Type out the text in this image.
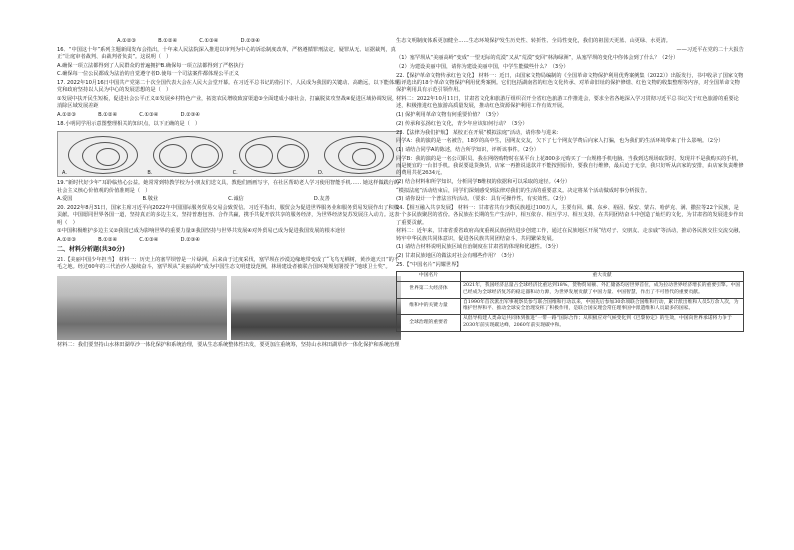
A.①②③	B.①②④	C.①③④	D.②③④
16．“中国这十年”系列主题新闻发布会指出，十年来人民法院深入推进以审判为中心的诉讼制度改革，严格遵循罪刑法定、疑罪从无、证据裁判，真正“让庭审者裁判、由裁判者负责”。这说明（　）
A.确保一项立法都得到了人民群众的普遍拥护B.确保每一项立法都得到了严格执行
C.确保每一位公民都成为法治的自觉遵守者D.使每一个司法案件都体现公平正义
17. 2022年10月16日中国共产党第二十次全国代表大会在人民大会堂开幕。在习近平总书记的指引下，人民成为我国的关键动、高瞻远，以下能体现党和政府坚持以人民为中心的发展思想的是（　）
①发展中扶开民生短板，促进社会公平正义②发展乡村特色产业，拓宽农民增收致富渠道③全面建成小康社会，打赢脱贫攻坚战④促进区域协调发展，消除区域发展差距
A.①②③	B.①②④	C.①③④	D.②③④
18.小明同学用示意图整理相关的知识点，以下正确的是（　）
A.	B.	C.	D.
19.“新时代好少年”耳聆临热心公益。她常常到特教学校为小朋友们送文具，教他们画画写字，在社区帮助老人学习使用智能手机…… 她这样做践行的社会主义核心价值观的价值准则是（　）
A.爱国	B.敬业	C.诚信	D.友善
20. 2022年8月31日，国家主席习近平向2022年中国国际服务贸易交易会致贺信。习近平指出，服贸会为促进世界服务业和服务贸易发展作出了积极贡献。中国愿同世界各国一道，坚持真正的多边主义，坚持普惠包容、合作共赢，携手共促开放共享的服务经济，为世界经济复苏发展注入动力。这表明（　）
①中国积极维护多边主义②我国已成为影响世界的重要力量③我国坚持与世界共发展④对外贸易已成为促进我国发展的根本途径
A.①②③	B.①②④	C.①③④	D.②③④
二、材料分析题(共30分)
21.【美丽中国少年担当】 材料一：历史上的塞罕坝曾是一片绿洲，后来由于过度采伐，塞罕坝在沙漠边缘地带变成了“飞鸟无栖树，黄沙遮天日”的不毛之地。经过60年的三代治沙人接续奋斗，塞罕坝从“美丽高岭”成为中国生态文明建设范例，林场建设者被联合国环境规划署授予“地球卫士奖”。
材料二：我们要坚持山水林田湖草沙一体化保护和系统治理，要从生态系统整体性出发，要更加注重统筹，坚持山水林田湖草沙一体化保护和系统治理
生态文明制度体系更加健全……生态环境保护发生历史性、转折性、全局性变化，我们的祖国天更蓝、山更绿、水更清。
——习近平在党的二十大报告
（1）塞罕坝从“美丽高岭”变成“一望无际的荒漠”又从“荒漠”变回“林海绿洲”，从塞罕坝的变化中你体会到了什么？（2分）
（2）为建设美丽中国，请你为建设美丽中国，中学生能做些什么？（3分）
22.【保护革命文物传承红色文化】 材料一：近日，由国家文物局编制的《全国革命文物保护利用优秀案例集（2022）》出版发行，书中收录了国家文物局评选出的18个革命文物保护利用优秀案例。它们包括湖南省的红色文化传承、对革命旧址的保护修缮、红色文物的收集整理等内容，对全国革命文物保护利用具有示范引领作用。
材料二：2022年10月11日，甘肃省文化和旅游厅组织召开全省红色旅游工作推进会，要求全省各地深入学习贯彻习近平总书记关于红色旅游的重要论述，积极推进红色旅游高质量发展，推动红色资源保护利用工作有效开展。
(1) 保护利用革命文物有何重要价值？（3分）
(2) 传承和弘扬红色文化，青少年应该如何行动？（3分）
23.【法律为我们护航】 某校正在开展“模拟法庭”活动，请你参与进来：
同学A：我的演的是一名被告，18岁的高中生，因网友交友，欠下了七个网友学费后向家人打骗，也为我们的生活环境带来了什么影响。（2分）
(1) 请结合同学A的陈述，结合所学知识，评析该事件。（2分）
同学B：我的演的是一名公司职员。我在网络购物时在某平台上花800多元购买了一台规格手机电脑。当我到达现场取货时，发现并不是我购买的手机，而是便宜的一台旧手机。我说要退货换货，店家一再推说退款并不能按照原价，要我自行维修，最后迫于无奈，我只好听从店家的安排，由店家负责维修的费用共花2634元。
(2) 结合材料和所学知识，分析同学B维权的依据和可以采取的途径。（4分）
“模拟法庭”活动结束后，同学们深刻感受到法律对我们的生活的重要意义。决定将某个活动做成时事分析报告。
(3) 请你设计一个普法宣传活动。（要求：具有可操作性，有实效性。（2分）
24.【相互融入共享发展】 材料一：甘肃省共有少数民族超过100万人，主要有回、藏、东乡、裕固、保安、蒙古、哈萨克、满、撒拉等22个民族，是一个多民族聚居的省份。各民族在长期的生产生活中，相互依存、相互学习、相互支持，在共同团结奋斗中创造了灿烂的文化，为甘肃省的发展进步作出了重要贡献。
材料二：近年来，甘肃省委省政府高度重视民族团结进步创建工作，通过在民族地区开展“结对子、交朋友、走亲戚”等活动，推动各民族交往交流交融，铸牢中华民族共同体意识，促进各民族共同团结奋斗、共同繁荣发展。
(1) 请结合材料说明民族区域自治制度在甘肃省的体现和优越性。（3分）
(2) 甘肃民族地区的做法对社会有哪些作用？（3分）
25.【“中国名片”闪耀世界】
中国名片	重大贡献
世界第二大经济体	2021年，我国经济总量占全球经济比重达到18%，货物贸易额、外汇储备均居世界首位，成为拉动世界经济增长的重要引擎。中国已经成为全球经济复苏的稳定器和动力源，为世界发展贡献了中国力量、中国智慧，作出了不可替代的重要贡献。
维和中的关键力量	自1990年首次派出军事观察员参与联合国维和行动以来，中国先后参加30余项联合国维和行动，累计派出维和人员5万余人次，为维护世界和平、推动全球安全治理发挥了积极作用，是联合国安理会常任理事国中派遣维和人员最多的国家。
全球治理的重要者	从倡导构建人类命运共同体到推进“一带一路”国际合作；从积极应对气候变化到《巴黎协定》的生效，中国向世界承诺将力争于2030年前实现碳达峰，2060年前实现碳中和。
